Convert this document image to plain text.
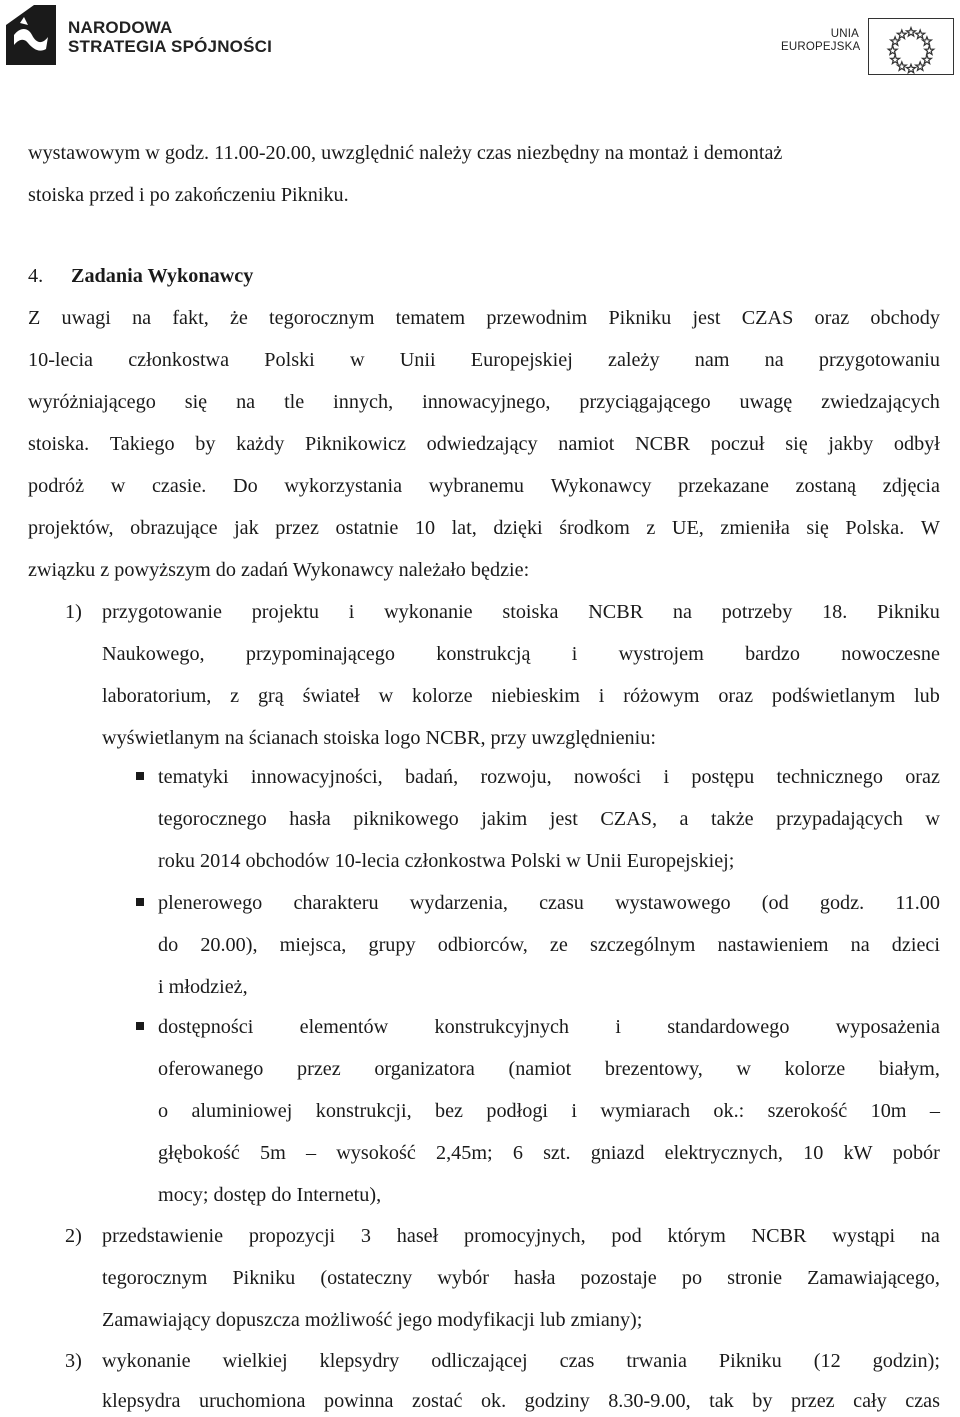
NARODOWA
STRATEGIA SPÓJNOŚCI
UNIA
EUROPEJSKA
wystawowym w godz. 11.00-20.00, uwzględnić należy czas niezbędny na montaż i demontaż
stoiska przed i po zakończeniu Pikniku.
4. Zadania Wykonawcy
Z uwagi na fakt, że tegorocznym tematem przewodnim Pikniku jest CZAS oraz obchody
10-lecia członkostwa Polski w Unii Europejskiej zależy nam na przygotowaniu
wyróżniającego się na tle innych, innowacyjnego, przyciągającego uwagę zwiedzających
stoiska. Takiego by każdy Piknikowicz odwiedzający namiot NCBR poczuł się jakby odbył
podróż w czasie. Do wykorzystania wybranemu Wykonawcy przekazane zostaną zdjęcia
projektów, obrazujące jak przez ostatnie 10 lat, dzięki środkom z UE, zmieniła się Polska. W
związku z powyższym do zadań Wykonawcy należało będzie:
1) przygotowanie projektu i wykonanie stoiska NCBR na potrzeby 18. Pikniku
Naukowego, przypominającego konstrukcją i wystrojem bardzo nowoczesne
laboratorium, z grą świateł w kolorze niebieskim i różowym oraz podświetlanym lub
wyświetlanym na ścianach stoiska logo NCBR, przy uwzględnieniu:
tematyki innowacyjności, badań, rozwoju, nowości i postępu technicznego oraz
tegorocznego hasła piknikowego jakim jest CZAS, a także przypadających w
roku 2014 obchodów 10-lecia członkostwa Polski w Unii Europejskiej;
plenerowego charakteru wydarzenia, czasu wystawowego (od godz. 11.00
do 20.00), miejsca, grupy odbiorców, ze szczególnym nastawieniem na dzieci
i młodzież,
dostępności elementów konstrukcyjnych i standardowego wyposażenia
oferowanego przez organizatora (namiot brezentowy, w kolorze białym,
o aluminiowej konstrukcji, bez podłogi i wymiarach ok.: szerokość 10m –
głębokość 5m – wysokość 2,45m; 6 szt. gniazd elektrycznych, 10 kW pobór
mocy; dostęp do Internetu),
2) przedstawienie propozycji 3 haseł promocyjnych, pod którym NCBR wystąpi na
tegorocznym Pikniku (ostateczny wybór hasła pozostaje po stronie Zamawiającego,
Zamawiający dopuszcza możliwość jego modyfikacji lub zmiany);
3) wykonanie wielkiej klepsydry odliczającej czas trwania Pikniku (12 godzin);
klepsydra uruchomiona powinna zostać ok. godziny 8.30-9.00, tak by przez cały czas
